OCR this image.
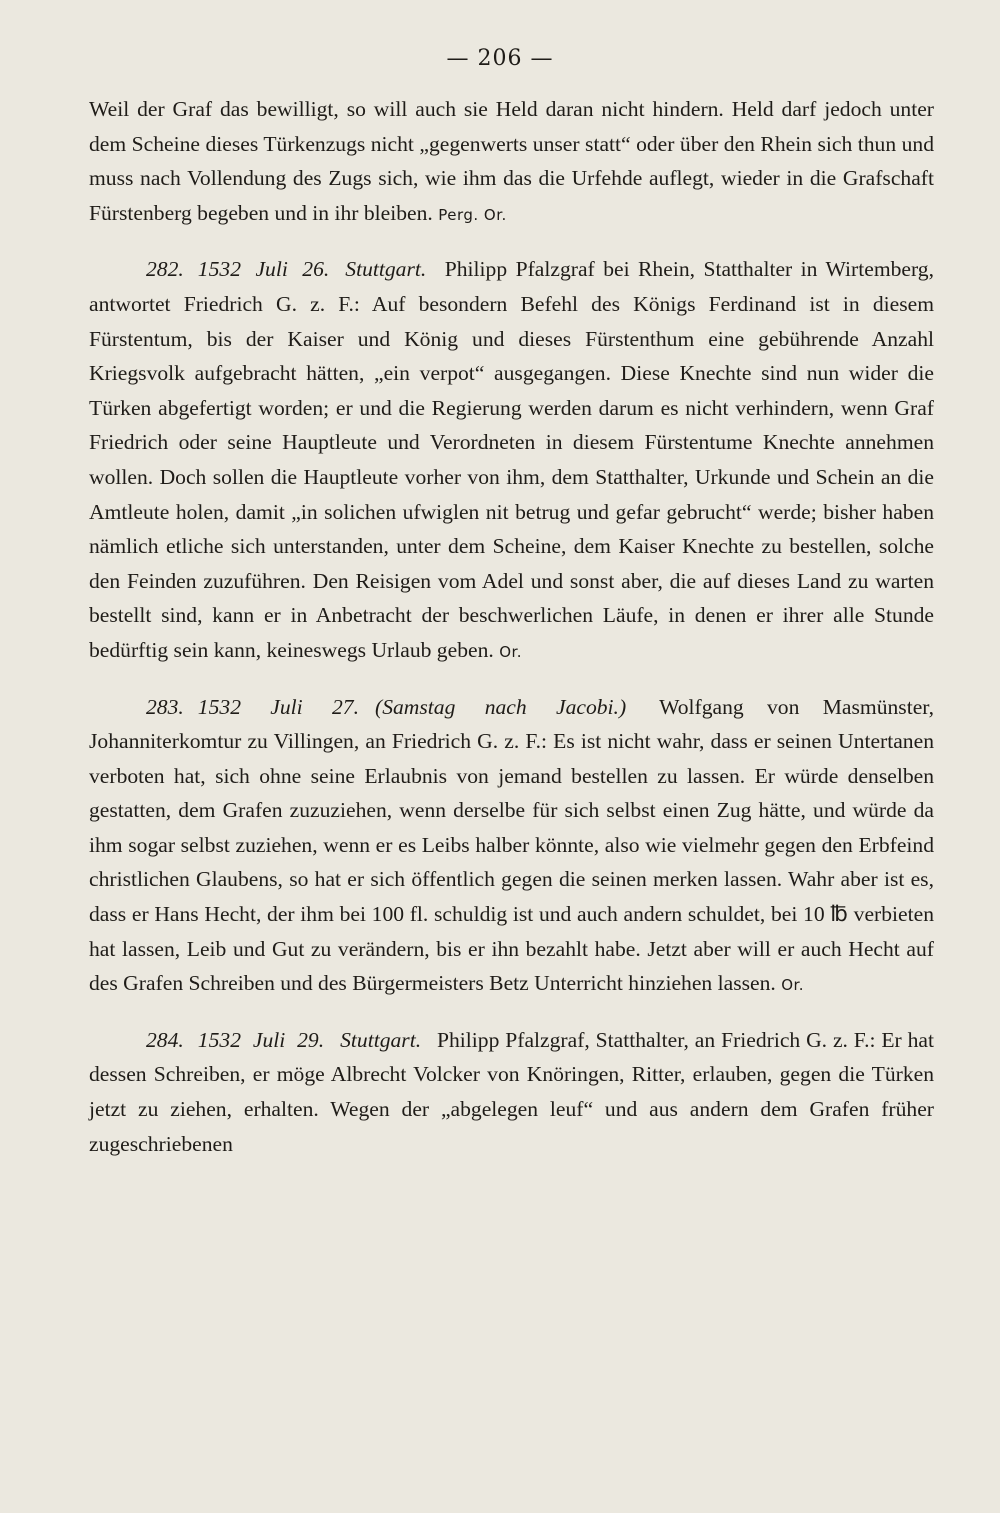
— 206 —

Weil der Graf das bewilligt, so will auch sie Held daran nicht hindern. Held darf jedoch unter dem Scheine dieses Türkenzugs nicht „gegenwerts unser statt“ oder über den Rhein sich thun und muss nach Vollendung des Zugs sich, wie ihm das die Urfehde auflegt, wieder in die Grafschaft Fürstenberg begeben und in ihr bleiben. Perg. Or.

282. 1532 Juli 26. Stuttgart. Philipp Pfalzgraf bei Rhein, Statthalter in Wirtemberg, antwortet Friedrich G. z. F.: Auf besondern Befehl des Königs Ferdinand ist in diesem Fürstentum, bis der Kaiser und König und dieses Fürstenthum eine gebührende Anzahl Kriegsvolk aufgebracht hätten, „ein verpot“ ausgegangen. Diese Knechte sind nun wider die Türken abgefertigt worden; er und die Regierung werden darum es nicht verhindern, wenn Graf Friedrich oder seine Hauptleute und Verordneten in diesem Fürstentume Knechte annehmen wollen. Doch sollen die Hauptleute vorher von ihm, dem Statthalter, Urkunde und Schein an die Amtleute holen, damit „in solichen ufwiglen nit betrug und gefar gebrucht“ werde; bisher haben nämlich etliche sich unterstanden, unter dem Scheine, dem Kaiser Knechte zu bestellen, solche den Feinden zuzuführen. Den Reisigen vom Adel und sonst aber, die auf dieses Land zu warten bestellt sind, kann er in Anbetracht der beschwerlichen Läufe, in denen er ihrer alle Stunde bedürftig sein kann, keineswegs Urlaub geben. Or.

283. 1532 Juli 27. (Samstag nach Jacobi.) Wolfgang von Masmünster, Johanniterkomtur zu Villingen, an Friedrich G. z. F.: Es ist nicht wahr, dass er seinen Untertanen verboten hat, sich ohne seine Erlaubnis von jemand bestellen zu lassen. Er würde denselben gestatten, dem Grafen zuzuziehen, wenn derselbe für sich selbst einen Zug hätte, und würde da ihm sogar selbst zuziehen, wenn er es Leibs halber könnte, also wie vielmehr gegen den Erbfeind christlichen Glaubens, so hat er sich öffentlich gegen die seinen merken lassen. Wahr aber ist es, dass er Hans Hecht, der ihm bei 100 fl. schuldig ist und auch andern schuldet, bei 10 ℔ verbieten hat lassen, Leib und Gut zu verändern, bis er ihn bezahlt habe. Jetzt aber will er auch Hecht auf des Grafen Schreiben und des Bürgermeisters Betz Unterricht hinziehen lassen. Or.

284. 1532 Juli 29. Stuttgart. Philipp Pfalzgraf, Statthalter, an Friedrich G. z. F.: Er hat dessen Schreiben, er möge Albrecht Volcker von Knöringen, Ritter, erlauben, gegen die Türken jetzt zu ziehen, erhalten. Wegen der „abgelegen leuf“ und aus andern dem Grafen früher zugeschriebenen
